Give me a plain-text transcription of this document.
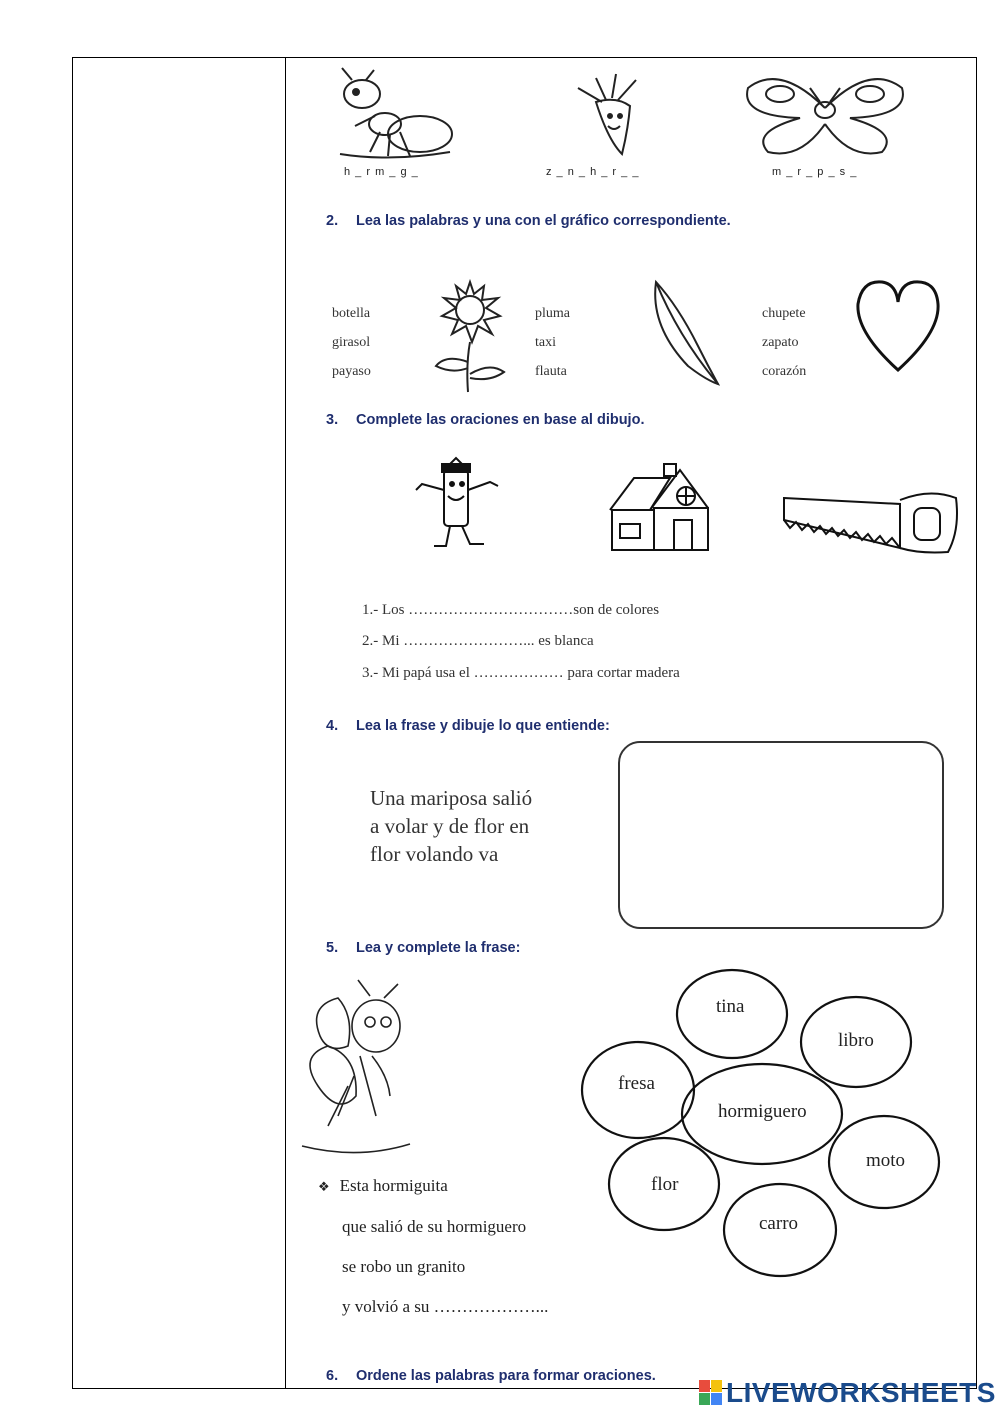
h _ r m _ g _	z _ n _ h _ r _ _	m _ r _ p _ s _
2. Lea las palabras y una con el gráfico correspondiente.
botella
girasol
payaso
pluma
taxi
flauta
chupete
zapato
corazón
3. Complete las oraciones en base al dibujo.
1.- Los ……………………………son de colores
2.- Mi ……………………... es blanca
3.- Mi papá usa el ……………… para cortar madera
4. Lea la frase y dibuje lo que entiende:
Una mariposa salió
a volar y de flor en
flor volando va
5. Lea y complete la frase:
❖ Esta hormiguita
que salió de su hormiguero
se robo un granito
y volvió a su ………………...
tina
libro
fresa
hormiguero
moto
flor
carro
6. Ordene las palabras para formar oraciones.
LIVEWORKSHEETS
